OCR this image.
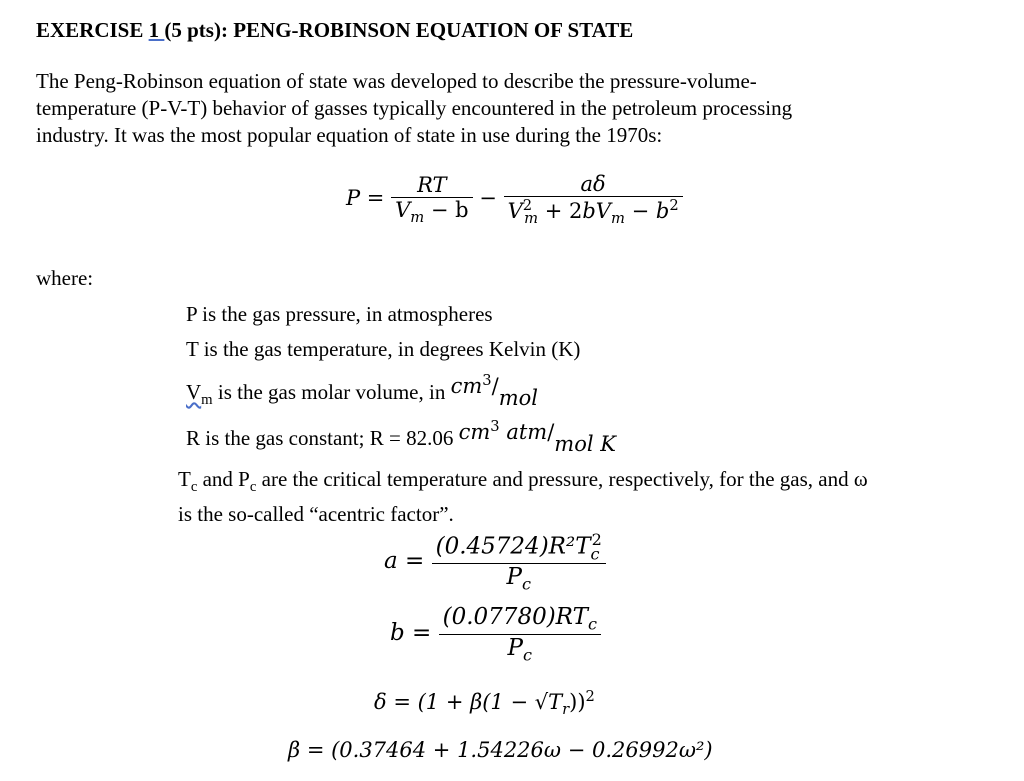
EXERCISE 1 (5 pts): PENG-ROBINSON EQUATION OF STATE
The Peng-Robinson equation of state was developed to describe the pressure-volume-
temperature (P-V-T) behavior of gasses typically encountered in the petroleum processing
industry. It was the most popular equation of state in use during the 1970s:
$P = \frac{RT}{V_m - b} - \frac{a\delta}{V^2_m + 2bV_m - b^2}$
where:
P is the gas pressure, in atmospheres
T is the gas temperature, in degrees Kelvin (K)
$V_m$ is the gas molar volume, in $cm^3$/mol
R is the gas constant; R = 82.06 $cm^3$ atm/mol K
$T_c$ and $P_c$ are the critical temperature and pressure, respectively, for the gas, and ω
is the so-called “acentric factor”.
$a = \frac{(0.45724)R^2T_c^2}{P_c}$
$b = \frac{(0.07780)RT_c}{P_c}$
$\delta = (1 + \beta(1 - √T_r))^2$
β = (0.37464 + 1.54226ω − 0.26992ω²)
